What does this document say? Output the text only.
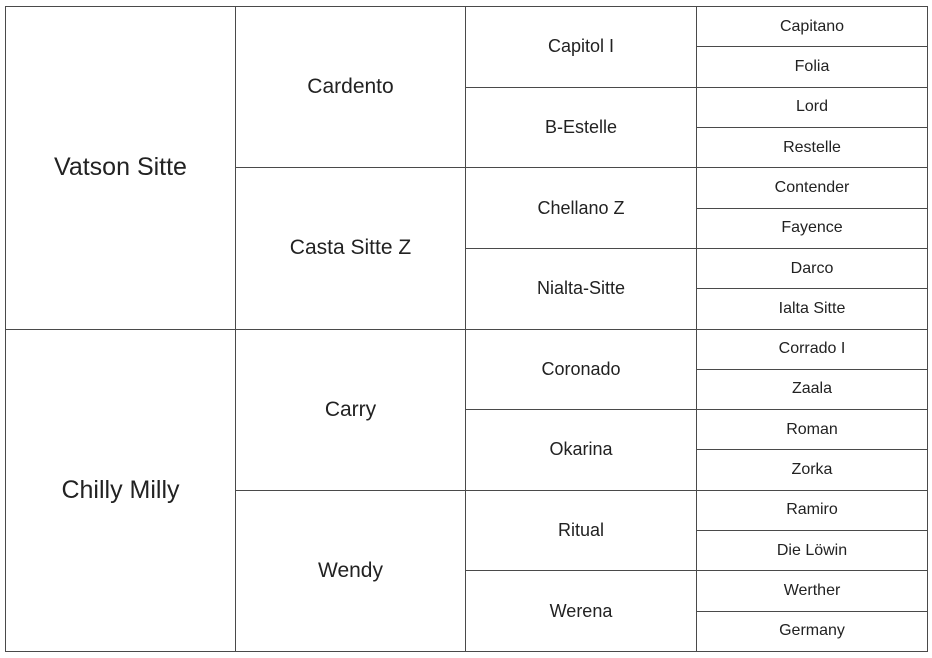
Vatson Sitte	Cardento	Capitol I	Capitano
			Folia
		B-Estelle	Lord
			Restelle
	Casta Sitte Z	Chellano Z	Contender
			Fayence
		Nialta-Sitte	Darco
			Ialta Sitte
Chilly Milly	Carry	Coronado	Corrado I
			Zaala
		Okarina	Roman
			Zorka
	Wendy	Ritual	Ramiro
			Die Löwin
		Werena	Werther
			Germany
